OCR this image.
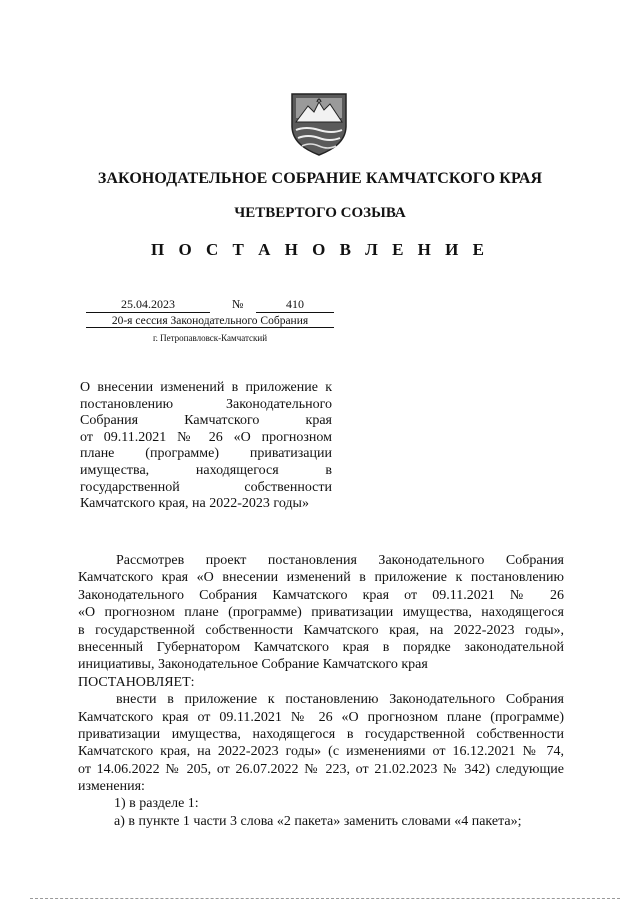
ЗАКОНОДАТЕЛЬНОЕ СОБРАНИЕ КАМЧАТСКОГО КРАЯ
ЧЕТВЕРТОГО СОЗЫВА
П О С Т А Н О В Л Е Н И Е
25.04.2023	№	410
20-я сессия Законодательного Собрания
г. Петропавловск-Камчатский
О внесении изменений в приложение к
постановлению Законодательного
Собрания Камчатского края
от 09.11.2021 № 26 «О прогнозном
плане (программе) приватизации
имущества, находящегося в
государственной собственности
Камчатского края, на 2022-2023 годы»
Рассмотрев проект постановления Законодательного Собрания
Камчатского края «О внесении изменений в приложение к постановлению
Законодательного Собрания Камчатского края от 09.11.2021 № 26
«О прогнозном плане (программе) приватизации имущества, находящегося
в государственной собственности Камчатского края, на 2022-2023 годы»,
внесенный Губернатором Камчатского края в порядке законодательной
инициативы, Законодательное Собрание Камчатского края
ПОСТАНОВЛЯЕТ:
внести в приложение к постановлению Законодательного Собрания
Камчатского края от 09.11.2021 № 26 «О прогнозном плане (программе)
приватизации имущества, находящегося в государственной собственности
Камчатского края, на 2022-2023 годы» (с изменениями от 16.12.2021 № 74,
от 14.06.2022 № 205, от 26.07.2022 № 223, от 21.02.2023 № 342) следующие
изменения:
1) в разделе 1:
а) в пункте 1 части 3 слова «2 пакета» заменить словами «4 пакета»;
